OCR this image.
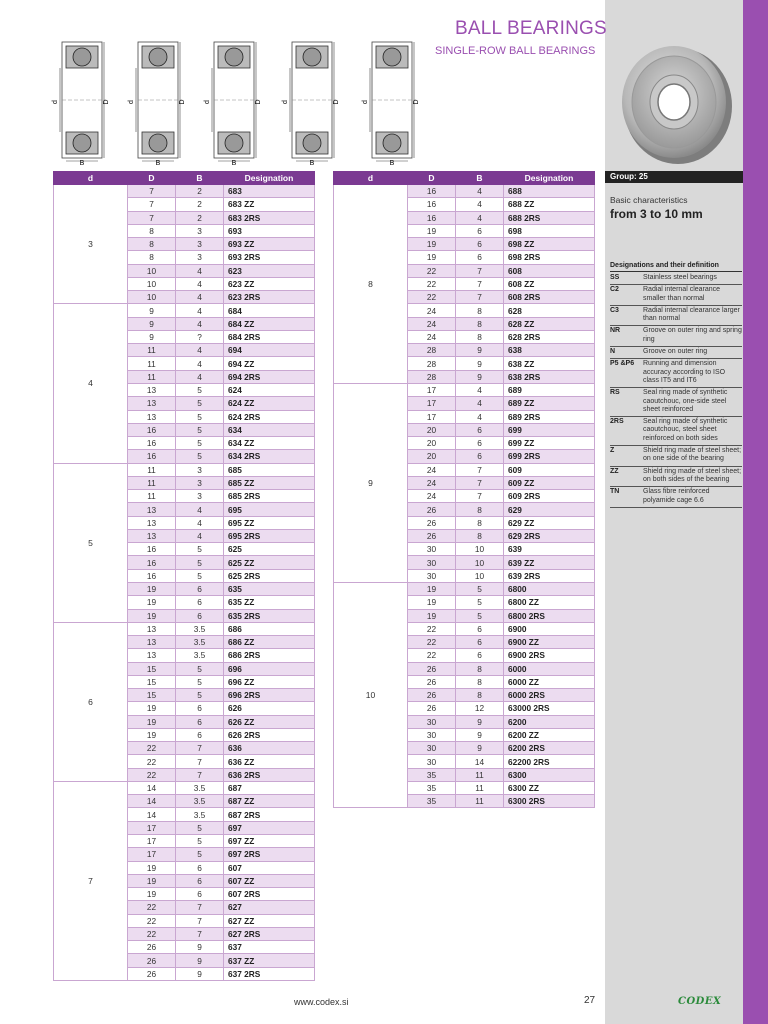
BALL BEARINGS
SINGLE-ROW BALL BEARINGS
d	D
B
d	D
B
d	D
B
d	D
B
d	D
B
d	D	B	Designation
3	7	2	683
	7	2	683 ZZ
	7	2	683 2RS
	8	3	693
	8	3	693 ZZ
	8	3	693 2RS
	10	4	623
	10	4	623 ZZ
	10	4	623 2RS
4	9	4	684
	9	4	684 ZZ
	9	?	684 2RS
	11	4	694
	11	4	694 ZZ
	11	4	694 2RS
	13	5	624
	13	5	624 ZZ
	13	5	624 2RS
	16	5	634
	16	5	634 ZZ
	16	5	634 2RS
5	11	3	685
	11	3	685 ZZ
	11	3	685 2RS
	13	4	695
	13	4	695 ZZ
	13	4	695 2RS
	16	5	625
	16	5	625 ZZ
	16	5	625 2RS
	19	6	635
	19	6	635 ZZ
	19	6	635 2RS
6	13	3.5	686
	13	3.5	686 ZZ
	13	3.5	686 2RS
	15	5	696
	15	5	696 ZZ
	15	5	696 2RS
	19	6	626
	19	6	626 ZZ
	19	6	626 2RS
	22	7	636
	22	7	636 ZZ
	22	7	636 2RS
7	14	3.5	687
	14	3.5	687 ZZ
	14	3.5	687 2RS
	17	5	697
	17	5	697 ZZ
	17	5	697 2RS
	19	6	607
	19	6	607 ZZ
	19	6	607 2RS
	22	7	627
	22	7	627 ZZ
	22	7	627 2RS
	26	9	637
	26	9	637 ZZ
	26	9	637 2RS
d	D	B	Designation
8	16	4	688
	16	4	688 ZZ
	16	4	688 2RS
	19	6	698
	19	6	698 ZZ
	19	6	698 2RS
	22	7	608
	22	7	608 ZZ
	22	7	608 2RS
	24	8	628
	24	8	628 ZZ
	24	8	628 2RS
	28	9	638
	28	9	638 ZZ
	28	9	638 2RS
9	17	4	689
	17	4	689 ZZ
	17	4	689 2RS
	20	6	699
	20	6	699 ZZ
	20	6	699 2RS
	24	7	609
	24	7	609 ZZ
	24	7	609 2RS
	26	8	629
	26	8	629 ZZ
	26	8	629 2RS
	30	10	639
	30	10	639 ZZ
	30	10	639 2RS
10	19	5	6800
	19	5	6800 ZZ
	19	5	6800 2RS
	22	6	6900
	22	6	6900 ZZ
	22	6	6900 2RS
	26	8	6000
	26	8	6000 ZZ
	26	8	6000 2RS
	26	12	63000 2RS
	30	9	6200
	30	9	6200 ZZ
	30	9	6200 2RS
	30	14	62200 2RS
	35	11	6300
	35	11	6300 ZZ
	35	11	6300 2RS
Group: 25
Basic characteristics
from 3 to 10 mm
Designations and their definition
SS	Stainless steel bearings
C2	Radial internal clearance smaller than normal
C3	Radial internal clearance larger than normal
NR	Groove on outer ring and spring ring
N	Groove on outer ring
P5 &P6	Running and dimension accuracy according to ISO class IT5 and IT6
RS	Seal ring made of synthetic caoutchouc, one-side steel sheet reinforced
2RS	Seal ring made of synthetic caoutchouc, steel sheet reinforced on both sides
Z	Shield ring made of steel sheet; on one side of the bearing
ZZ	Shield ring made of steel sheet; on both sides of the bearing
TN	Glass fibre reinforced polyamide cage 6.6
www.codex.si	27	CODEX
